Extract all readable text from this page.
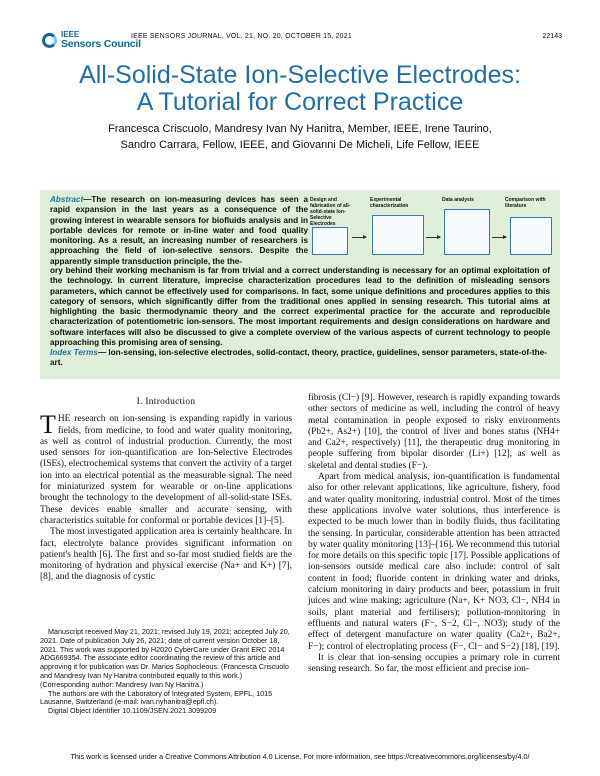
IEEE
Sensors Council
IEEE SENSORS JOURNAL, VOL. 21, NO. 20, OCTOBER 15, 2021	22143
All-Solid-State Ion-Selective Electrodes:
A Tutorial for Correct Practice
Francesca Criscuolo, Mandresy Ivan Ny Hanitra, Member, IEEE, Irene Taurino,
Sandro Carrara, Fellow, IEEE, and Giovanni De Micheli, Life Fellow, IEEE
Abstract—The research on ion-measuring devices has seen a rapid expansion in the last years as a consequence of the growing interest in wearable sensors for biofluids analysis and in portable devices for remote or in-line water and food quality monitoring. As a result, an increasing number of researchers is approaching the field of ion-selective sensors. Despite the apparently simple transduction principle, the the-
Design and fabrication of all-solid-state Ion-Selective Electrodes
Experimental characterization
Data analysis	Comparison with literature
ory behind their working mechanism is far from trivial and a correct understanding is necessary for an optimal exploitation of the technology. In current literature, imprecise characterization procedures lead to the definition of misleading sensors parameters, which cannot be effectively used for comparisons. In fact, some unique definitions and procedures applies to this category of sensors, which significantly differ from the traditional ones applied in sensing research. This tutorial aims at highlighting the basic thermodynamic theory and the correct experimental practice for the accurate and reproducible characterization of potentiometric ion-sensors. The most important requirements and design considerations on hardware and software interfaces will also be discussed to give a complete overview of the various aspects of current technology to people approaching this promising area of sensing.
Index Terms— Ion-sensing, ion-selective electrodes, solid-contact, theory, practice, guidelines, sensor parameters, state-of-the-art.
I. Introduction

THE research on ion-sensing is expanding rapidly in various fields, from medicine, to food and water quality monitoring, as well as control of industrial production. Currently, the most used sensors for ion-quantification are Ion-Selective Electrodes (ISEs), electrochemical systems that convert the activity of a target ion into an electrical potential as the measurable signal. The need for miniaturized system for wearable or on-line applications brought the technology to the development of all-solid-state ISEs. These devices enable smaller and accurate sensing, with characteristics suitable for conformal or portable devices [1]–[5].

The most investigated application area is certainly healthcare. In fact, electrolyte balance provides significant information on patient's health [6]. The first and so-far most studied fields are the monitoring of hydration and physical exercise (Na+ and K+) [7], [8], and the diagnosis of cystic

Manuscript received May 21, 2021; revised July 19, 2021; accepted July 20, 2021. Date of publication July 26, 2021; date of current version October 18, 2021. This work was supported by H2020 CyberCare under Grant ERC 2014 ADG669354. The associate editor coordinating the review of this article and approving it for publication was Dr. Marios Sophocleous. (Francesca Criscuolo and Mandresy Ivan Ny Hanitra contributed equally to this work.) (Corresponding author: Mandresy Ivan Ny Hanitra.)

The authors are with the Laboratory of Integrated System, EPFL, 1015 Lausanne, Switzerland (e-mail: ivan.nyhanitra@epfl.ch).

Digital Object Identifier 10.1109/JSEN.2021.3099209

fibrosis (Cl−) [9]. However, research is rapidly expanding towards other sectors of medicine as well, including the control of heavy metal contamination in people exposed to risky environments (Pb2+, As2+) [10], the control of liver and bones status (NH4+ and Ca2+, respectively) [11], the therapeutic drug monitoring in people suffering from bipolar disorder (Li+) [12], as well as skeletal and dental studies (F−).

Apart from medical analysis, ion-quantification is fundamental also for other relevant applications, like agriculture, fishery, food and water quality monitoring, industrial control. Most of the times these applications involve water solutions, thus interference is expected to be much lower than in bodily fluids, thus facilitating the sensing. In particular, considerable attention has been attracted by water quality monitoring [13]–[16]. We recommend this tutorial for more details on this specific topic [17]. Possible applications of ion-sensors outside medical care also include: control of salt content in food; fluoride content in drinking water and drinks, calcium monitoring in dairy products and beer, potassium in fruit juices and wine making; agriculture (Na+, K+ NO3, Cl−, NH4 in soils, plant material and fertilisers); pollution-monitoring in effluents and natural waters (F−, S−2, Cl−, NO3); study of the effect of detergent manufacture on water quality (Ca2+, Ba2+, F−); control of electroplating process (F−, Cl− and S−2) [18], [19].

It is clear that ion-sensing occupies a primary role in current sensing research. So far, the most efficient and precise ion-

This work is licensed under a Creative Commons Attribution 4.0 License. For more information, see https://creativecommons.org/licenses/by/4.0/
